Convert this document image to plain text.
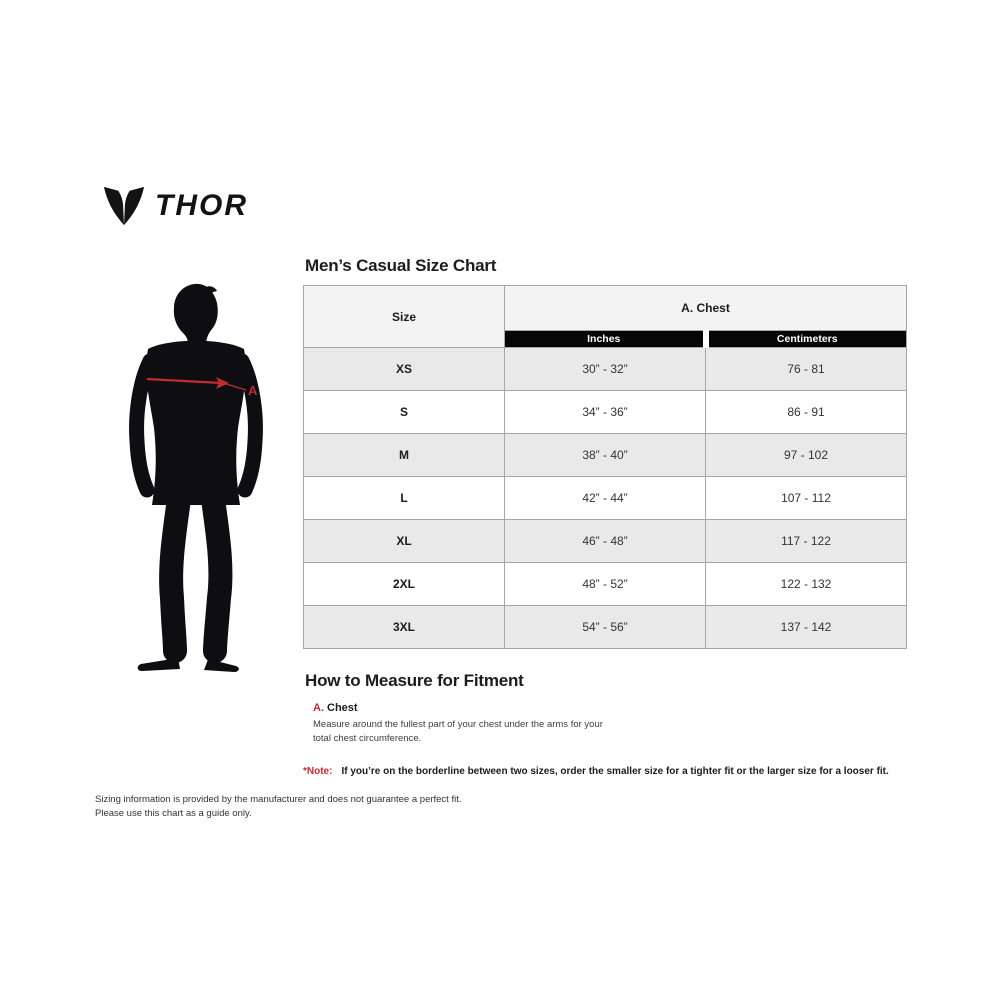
THOR
A
Men’s Casual Size Chart
Size	A. Chest	
	Inches	Centimeters
XS	30” - 32”	76 - 81
S	34” - 36”	86 - 91
M	38” - 40”	97 - 102
L	42” - 44”	107 - 112
XL	46” - 48”	117 - 122
2XL	48” - 52”	122 - 132
3XL	54” - 56”	137 - 142
How to Measure for Fitment
A. Chest
Measure around the fullest part of your chest under the arms for your
total chest circumference.
*Note: If you’re on the borderline between two sizes, order the smaller size for a tighter fit or the larger size for a looser fit.
Sizing information is provided by the manufacturer and does not guarantee a perfect fit.
Please use this chart as a guide only.
